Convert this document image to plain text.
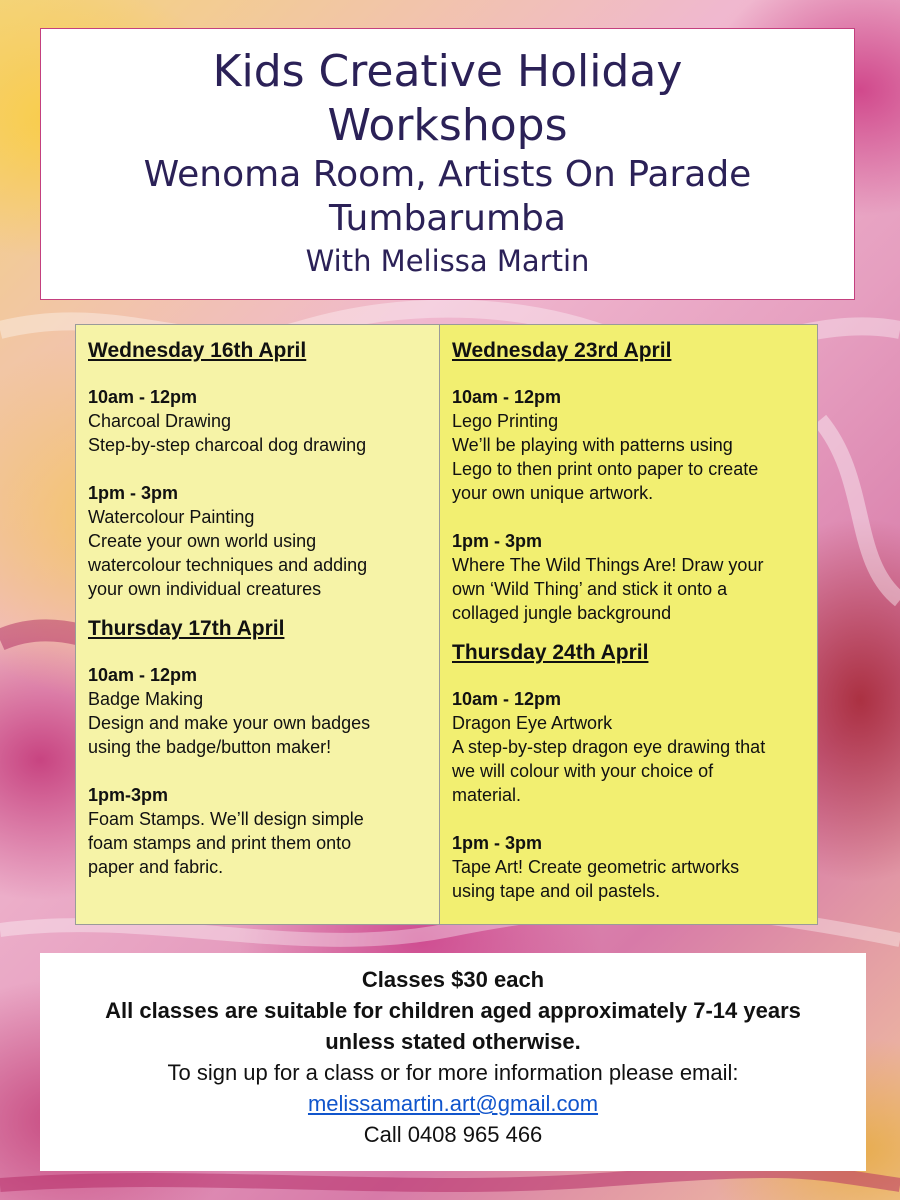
Kids Creative Holiday
Workshops
Wenoma Room, Artists On Parade
Tumbarumba
With Melissa Martin
Wednesday 16th April
10am - 12pm
Charcoal Drawing
Step-by-step charcoal dog drawing
1pm - 3pm
Watercolour Painting
Create your own world using
watercolour techniques and adding
your own individual creatures
Thursday 17th April
10am - 12pm
Badge Making
Design and make your own badges
using the badge/button maker!
1pm-3pm
Foam Stamps. We’ll design simple
foam stamps and print them onto
paper and fabric.
Wednesday 23rd April
10am - 12pm
Lego Printing
We’ll be playing with patterns using
Lego to then print onto paper to create
your own unique artwork.
1pm - 3pm
Where The Wild Things Are! Draw your
own ‘Wild Thing’ and stick it onto a
collaged jungle background
Thursday 24th April
10am - 12pm
Dragon Eye Artwork
A step-by-step dragon eye drawing that
we will colour with your choice of
material.
1pm - 3pm
Tape Art! Create geometric artworks
using tape and oil pastels.
Classes $30 each
All classes are suitable for children aged approximately 7-14 years
unless stated otherwise.
To sign up for a class or for more information please email:
melissamartin.art@gmail.com
Call 0408 965 466
